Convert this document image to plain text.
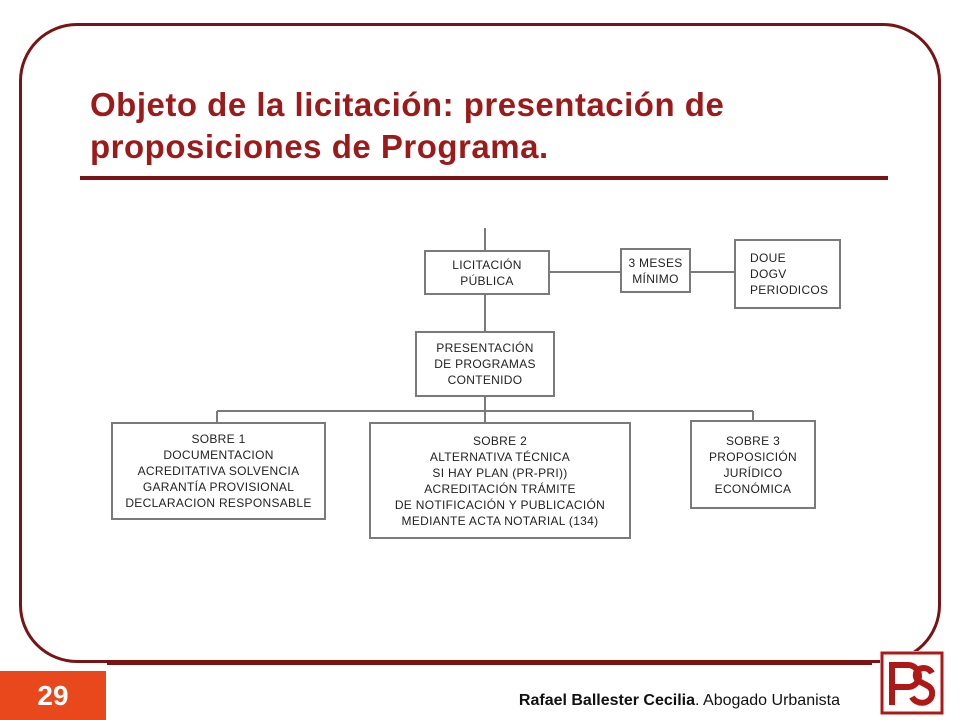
Objeto de la licitación: presentación de proposiciones de Programa.
LICITACIÓN
PÚBLICA
3 MESES
MÍNIMO
DOUE
DOGV
PERIODICOS
PRESENTACIÓN
DE PROGRAMAS
CONTENIDO
SOBRE 1
DOCUMENTACION
ACREDITATIVA SOLVENCIA
GARANTÍA PROVISIONAL
DECLARACION RESPONSABLE
SOBRE 2
ALTERNATIVA TÉCNICA
SI HAY PLAN (PR-PRI))
ACREDITACIÓN TRÁMITE
DE NOTIFICACIÓN Y PUBLICACIÓN
MEDIANTE ACTA NOTARIAL (134)
SOBRE 3
PROPOSICIÓN
JURÍDICO
ECONÓMICA
29	Rafael Ballester Cecilia. Abogado Urbanista
